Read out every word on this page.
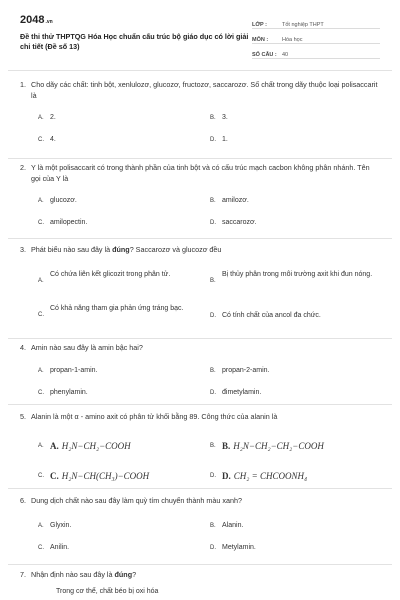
2048.vn
Đề thi thử THPTQG Hóa Học chuẩn cấu trúc bộ giáo dục có lời giải chi tiết (Đề số 13)
LỚP :	Tốt nghiệp THPT
MÔN :	Hóa học
SỐ CÂU : 40
1. Cho dãy các chất: tinh bột, xenlulozơ, glucozơ, fructozơ, saccarozơ. Số chất trong dãy thuộc loại polisaccarit là
A. 2.	B. 3.
C. 4.	D. 1.
2. Y là một polisaccarit có trong thành phần của tinh bột và có cấu trúc mạch cacbon không phân nhánh. Tên gọi của Y là
A. glucozơ.	B. amilozơ.
C. amilopectin.	D. saccarozơ.
3. Phát biểu nào sau đây là đúng? Saccarozơ và glucozơ đều
A.
Có chứa liên kết glicozit trong phân tử.
B.
Bị thủy phân trong môi trường axit khi đun nóng.
C.
Có khả năng tham gia phản ứng tráng bạc.
D. Có tính chất của ancol đa chức.
4. Amin nào sau đây là amin bậc hai?
A. propan-1-amin.	B. propan-2-amin.
C. phenylamin.	D. đimetylamin.
5. Alanin là một α - amino axit có phân tử khối bằng 89. Công thức của alanin là
A. A. H₂N−CH₂−COOH	B. B. H₂N−CH₂−CH₂−COOH
C. C. H₂N−CH(CH₃)−COOH	D. D. CH₂ = CHCOONH₄
6. Dung dịch chất nào sau đây làm quỳ tím chuyển thành màu xanh?
A. Glyxin.	B. Alanin.
C. Anilin.	D. Metylamin.
7. Nhận định nào sau đây là đúng?
Trong cơ thể, chất béo bị oxi hóa
